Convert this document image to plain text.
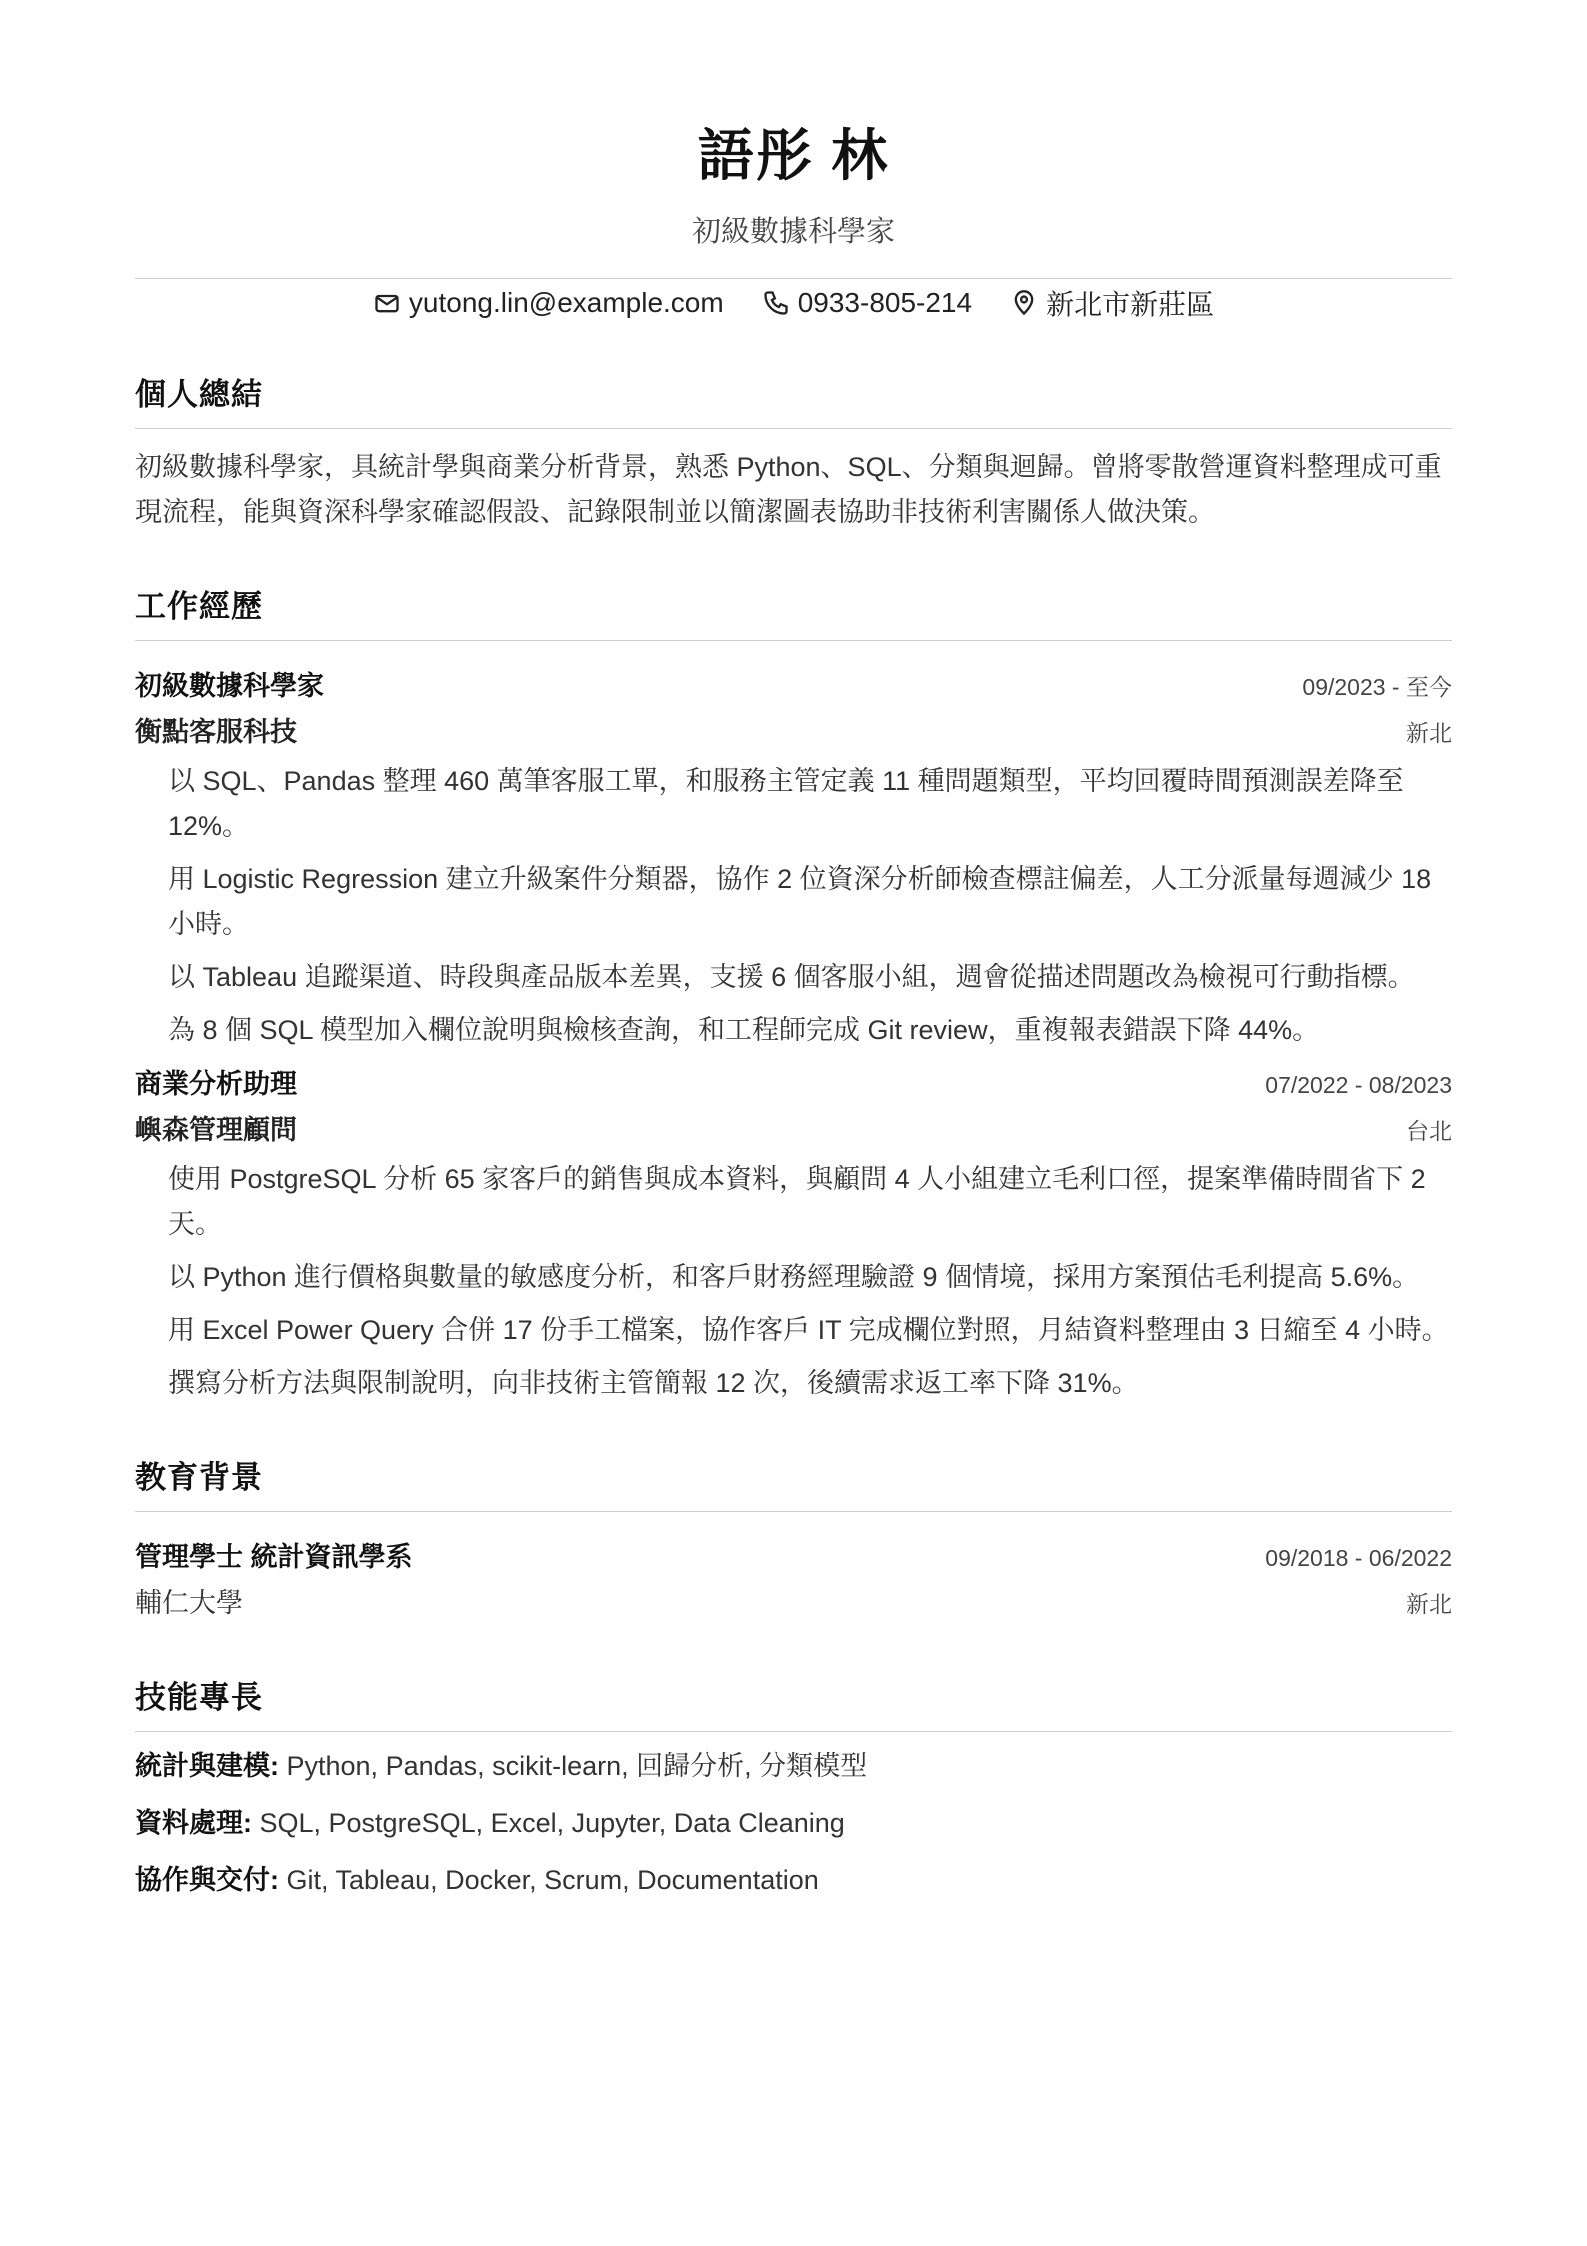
語彤 林
初級數據科學家
yutong.lin@example.com	0933-805-214	新北市新莊區
個人總結
初級數據科學家，具統計學與商業分析背景，熟悉 Python、SQL、分類與迴歸。曾將零散營運資料整理成可重現流程，能與資深科學家確認假設、記錄限制並以簡潔圖表協助非技術利害關係人做決策。
工作經歷
初級數據科學家	09/2023 - 至今
衡點客服科技	新北
以 SQL、Pandas 整理 460 萬筆客服工單，和服務主管定義 11 種問題類型，平均回覆時間預測誤差降至 12%。
用 Logistic Regression 建立升級案件分類器，協作 2 位資深分析師檢查標註偏差，人工分派量每週減少 18 小時。
以 Tableau 追蹤渠道、時段與產品版本差異，支援 6 個客服小組，週會從描述問題改為檢視可行動指標。
為 8 個 SQL 模型加入欄位說明與檢核查詢，和工程師完成 Git review，重複報表錯誤下降 44%。
商業分析助理	07/2022 - 08/2023
嶼森管理顧問	台北
使用 PostgreSQL 分析 65 家客戶的銷售與成本資料，與顧問 4 人小組建立毛利口徑，提案準備時間省下 2 天。
以 Python 進行價格與數量的敏感度分析，和客戶財務經理驗證 9 個情境，採用方案預估毛利提高 5.6%。
用 Excel Power Query 合併 17 份手工檔案，協作客戶 IT 完成欄位對照，月結資料整理由 3 日縮至 4 小時。
撰寫分析方法與限制說明，向非技術主管簡報 12 次，後續需求返工率下降 31%。
教育背景
管理學士 統計資訊學系	09/2018 - 06/2022
輔仁大學	新北
技能專長
統計與建模: Python, Pandas, scikit-learn, 回歸分析, 分類模型
資料處理: SQL, PostgreSQL, Excel, Jupyter, Data Cleaning
協作與交付: Git, Tableau, Docker, Scrum, Documentation
